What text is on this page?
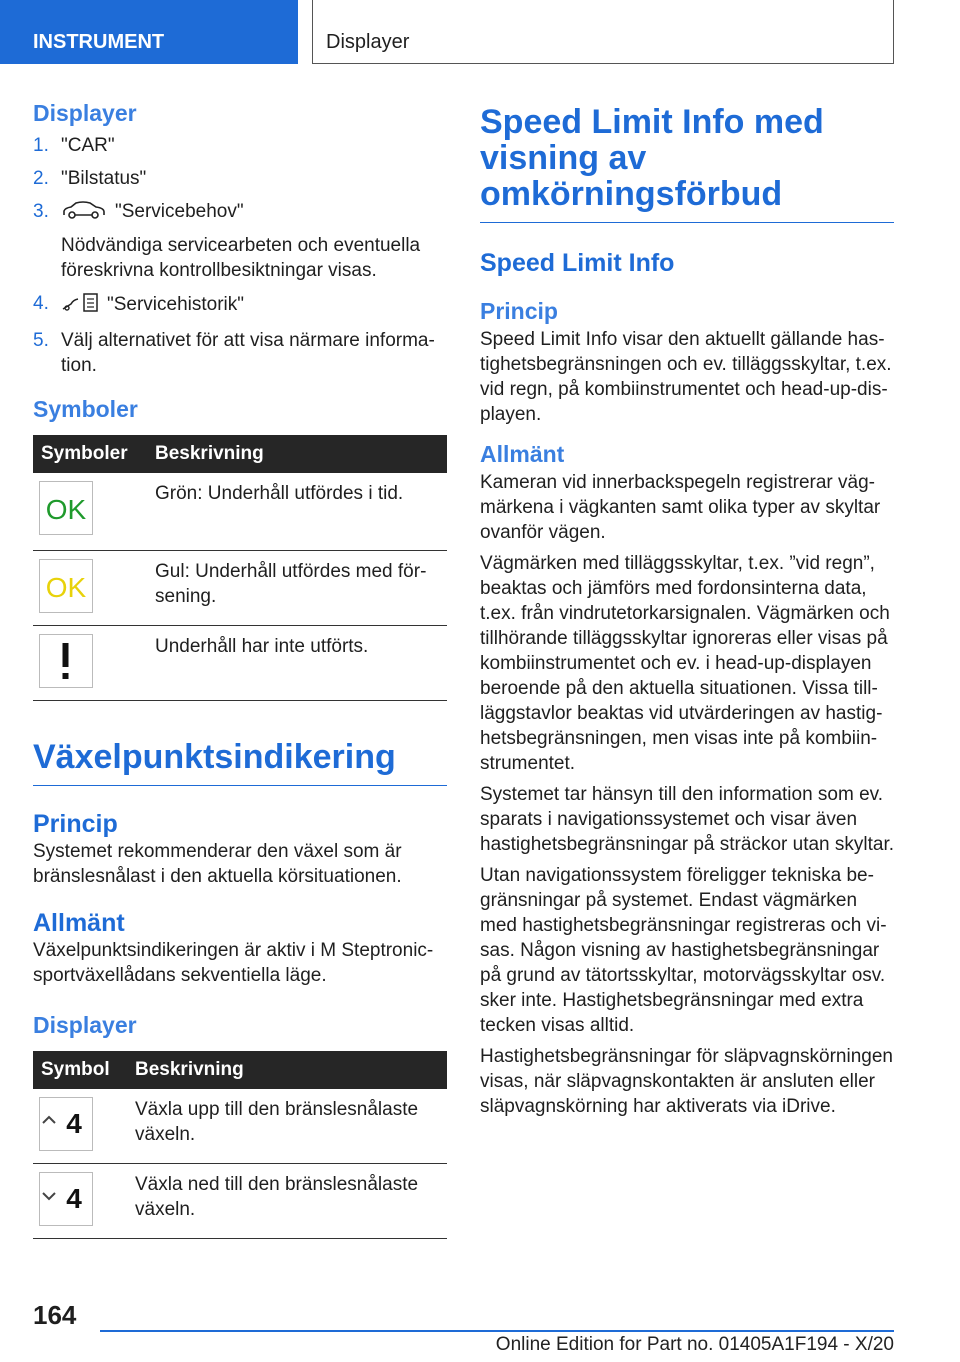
INSTRUMENT	Displayer
Displayer
1. "CAR"
2. "Bilstatus"
3.	"Servicebehov"
Nödvändiga servicearbeten och eventuella föreskrivna kontrollbesiktningar visas.
4.	"Servicehistorik"
5. Välj alternativet för att visa närmare informa-tion.
Symboler
Symboler	Beskrivning

OK	Grön: Underhåll utfördes i tid.

OK	Gul: Underhåll utfördes med för-sening.

	Underhåll har inte utförts.
Växelpunktsindikering
Princip

Systemet rekommenderar den växel som är bränslesnålast i den aktuella körsituationen.

Allmänt

Växelpunktsindikeringen är aktiv i M Steptronic-sportväxellådans sekventiella läge.

Displayer
Symbol	Beskrivning

4	Växla upp till den bränslesnålaste växeln.

4	Växla ned till den bränslesnålaste växeln.
Speed Limit Info med visning av omkörningsförbud
Speed Limit Info
Princip

Speed Limit Info visar den aktuellt gällande has-tighetsbegränsningen och ev. tilläggsskyltar, t.ex. vid regn, på kombiinstrumentet och head-up-dis-playen.

Allmänt

Kameran vid innerbackspegeln registrerar väg-märkena i vägkanten samt olika typer av skyltar ovanför vägen.

Vägmärken med tilläggsskyltar, t.ex. ”vid regn”, beaktas och jämförs med fordonsinterna data, t.ex. från vindrutetorkarsignalen. Vägmärken och tillhörande tilläggsskyltar ignoreras eller visas på kombiinstrumentet och ev. i head-up-displayen beroende på den aktuella situationen. Vissa till-läggstavlor beaktas vid utvärderingen av hastig-hetsbegränsningen, men visas inte på kombiin-strumentet.

Systemet tar hänsyn till den information som ev. sparats i navigationssystemet och visar även hastighetsbegränsningar på sträckor utan skyltar.

Utan navigationssystem föreligger tekniska be-gränsningar på systemet. Endast vägmärken med hastighetsbegränsningar registreras och vi-sas. Någon visning av hastighetsbegränsningar på grund av tätortsskyltar, motorvägsskyltar osv. sker inte. Hastighetsbegränsningar med extra tecken visas alltid.

Hastighetsbegränsningar för släpvagnskörningen visas, när släpvagnskontakten är ansluten eller släpvagnskörning har aktiverats via iDrive.

164
Online Edition for Part no. 01405A1F194 - X/20
